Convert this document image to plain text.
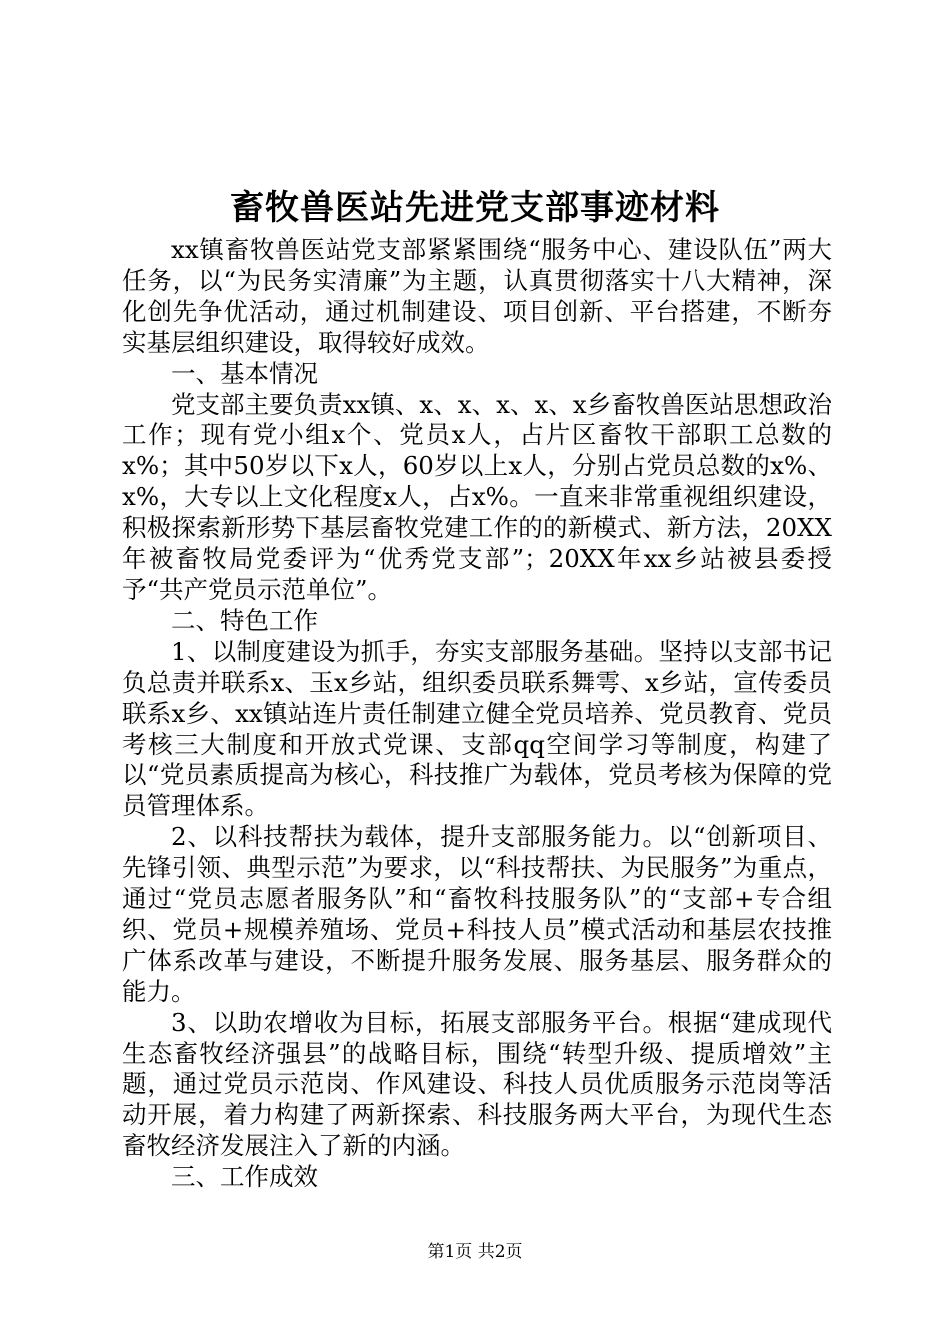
畜牧兽医站先进党支部事迹材料

xx镇畜牧兽医站党支部紧紧围绕“服务中心、建设队伍”两大任务，以“为民务实清廉”为主题，认真贯彻落实十八大精神，深化创先争优活动，通过机制建设、项目创新、平台搭建，不断夯实基层组织建设，取得较好成效。

一、基本情况

党支部主要负责xx镇、x、x、x、x、x乡畜牧兽医站思想政治工作；现有党小组x个、党员x人，占片区畜牧干部职工总数的x%；其中50岁以下x人，60岁以上x人，分别占党员总数的x%、x%，大专以上文化程度x人，占x%。一直来非常重视组织建设，积极探索新形势下基层畜牧党建工作的的新模式、新方法，20XX年被畜牧局党委评为“优秀党支部”；20XX年xx乡站被县委授予“共产党员示范单位”。

二、特色工作

1、以制度建设为抓手，夯实支部服务基础。坚持以支部书记负总责并联系x、玉x乡站，组织委员联系舞雩、x乡站，宣传委员联系x乡、xx镇站连片责任制建立健全党员培养、党员教育、党员考核三大制度和开放式党课、支部qq空间学习等制度，构建了以“党员素质提高为核心，科技推广为载体，党员考核为保障的党员管理体系。

2、以科技帮扶为载体，提升支部服务能力。以“创新项目、先锋引领、典型示范”为要求，以“科技帮扶、为民服务”为重点，通过“党员志愿者服务队”和“畜牧科技服务队”的“支部+专合组织、党员+规模养殖场、党员+科技人员”模式活动和基层农技推广体系改革与建设，不断提升服务发展、服务基层、服务群众的能力。

3、以助农增收为目标，拓展支部服务平台。根据“建成现代生态畜牧经济强县”的战略目标，围绕“转型升级、提质增效”主题，通过党员示范岗、作风建设、科技人员优质服务示范岗等活动开展，着力构建了两新探索、科技服务两大平台，为现代生态畜牧经济发展注入了新的内涵。

三、工作成效

第1页 共2页
